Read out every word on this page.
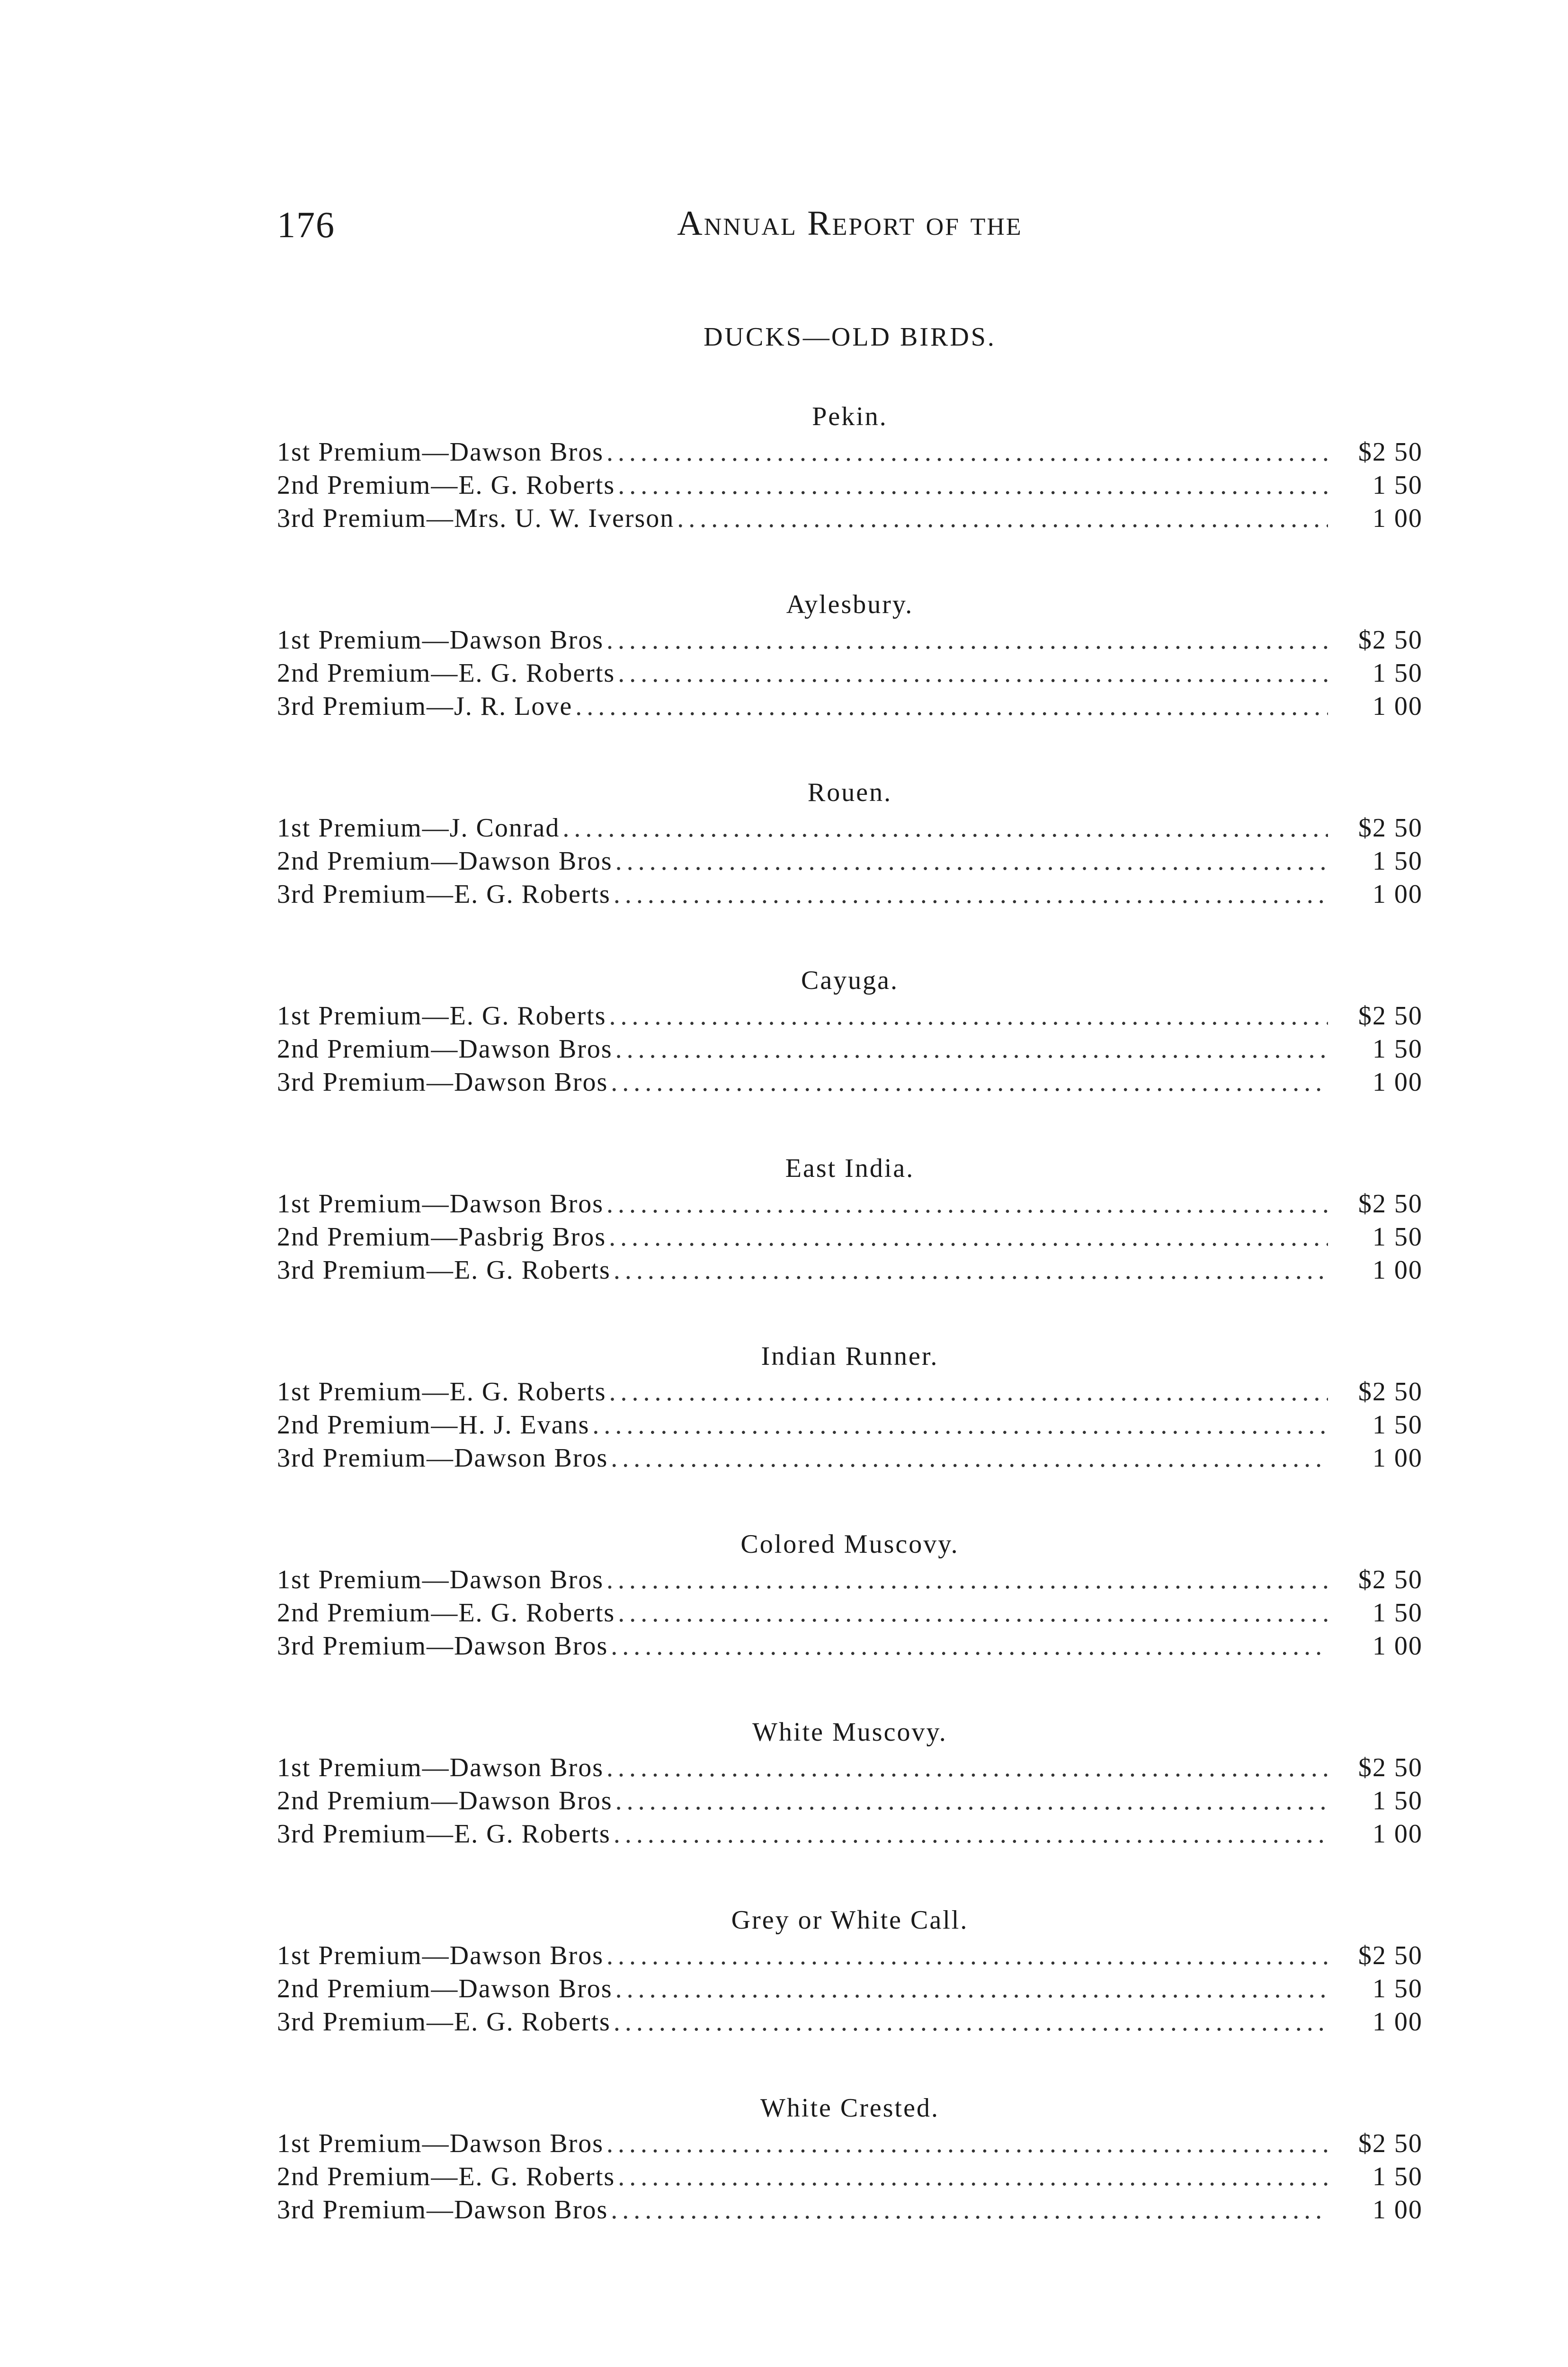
176	Annual Report of the
DUCKS—OLD BIRDS.
Pekin.
1st Premium—Dawson Bros .....	$2 50
2nd Premium—E. G. Roberts .....	1 50
3rd Premium—Mrs. U. W. Iverson .....	1 00
Aylesbury.
1st Premium—Dawson Bros .....	$2 50
2nd Premium—E. G. Roberts .....	1 50
3rd Premium—J. R. Love .....	1 00
Rouen.
1st Premium—J. Conrad .....	$2 50
2nd Premium—Dawson Bros .....	1 50
3rd Premium—E. G. Roberts .....	1 00
Cayuga.
1st Premium—E. G. Roberts .....	$2 50
2nd Premium—Dawson Bros .....	1 50
3rd Premium—Dawson Bros .....	1 00
East India.
1st Premium—Dawson Bros .....	$2 50
2nd Premium—Pasbrig Bros .....	1 50
3rd Premium—E. G. Roberts .....	1 00
Indian Runner.
1st Premium—E. G. Roberts .....	$2 50
2nd Premium—H. J. Evans .....	1 50
3rd Premium—Dawson Bros .....	1 00
Colored Muscovy.
1st Premium—Dawson Bros .....	$2 50
2nd Premium—E. G. Roberts .....	1 50
3rd Premium—Dawson Bros .....	1 00
White Muscovy.
1st Premium—Dawson Bros .....	$2 50
2nd Premium—Dawson Bros .....	1 50
3rd Premium—E. G. Roberts .....	1 00
Grey or White Call.
1st Premium—Dawson Bros .....	$2 50
2nd Premium—Dawson Bros .....	1 50
3rd Premium—E. G. Roberts .....	1 00
White Crested.
1st Premium—Dawson Bros .....	$2 50
2nd Premium—E. G. Roberts .....	1 50
3rd Premium—Dawson Bros .....	1 00
